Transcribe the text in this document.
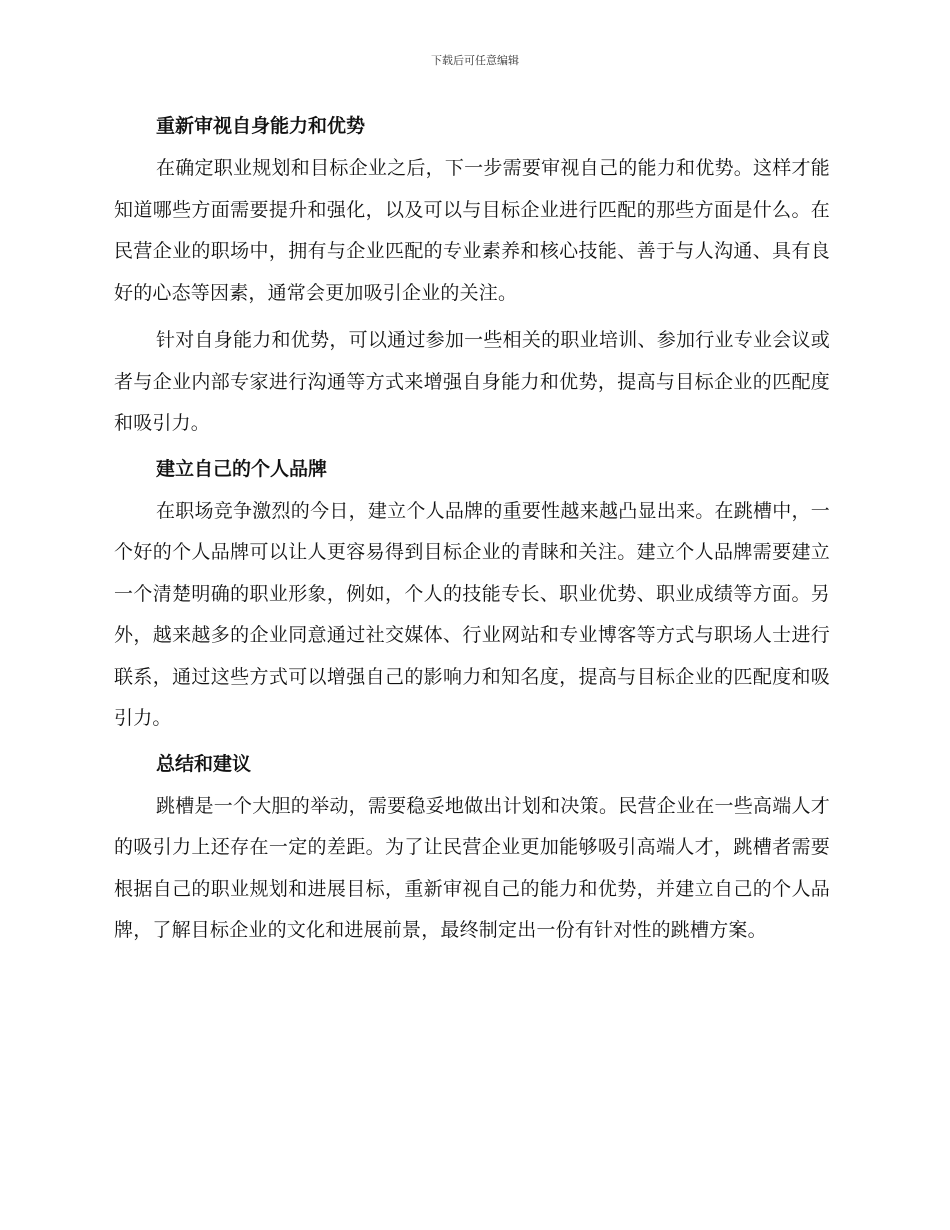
下载后可任意编辑
重新审视自身能力和优势

在确定职业规划和目标企业之后，下一步需要审视自己的能力和优势。这样才能知道哪些方面需要提升和强化，以及可以与目标企业进行匹配的那些方面是什么。在民营企业的职场中，拥有与企业匹配的专业素养和核心技能、善于与人沟通、具有良好的心态等因素，通常会更加吸引企业的关注。

针对自身能力和优势，可以通过参加一些相关的职业培训、参加行业专业会议或者与企业内部专家进行沟通等方式来增强自身能力和优势，提高与目标企业的匹配度和吸引力。

建立自己的个人品牌

在职场竞争激烈的今日，建立个人品牌的重要性越来越凸显出来。在跳槽中，一个好的个人品牌可以让人更容易得到目标企业的青睐和关注。建立个人品牌需要建立一个清楚明确的职业形象，例如，个人的技能专长、职业优势、职业成绩等方面。另外，越来越多的企业同意通过社交媒体、行业网站和专业博客等方式与职场人士进行联系，通过这些方式可以增强自己的影响力和知名度，提高与目标企业的匹配度和吸引力。

总结和建议

跳槽是一个大胆的举动，需要稳妥地做出计划和决策。民营企业在一些高端人才的吸引力上还存在一定的差距。为了让民营企业更加能够吸引高端人才，跳槽者需要根据自己的职业规划和进展目标，重新审视自己的能力和优势，并建立自己的个人品牌，了解目标企业的文化和进展前景，最终制定出一份有针对性的跳槽方案。
